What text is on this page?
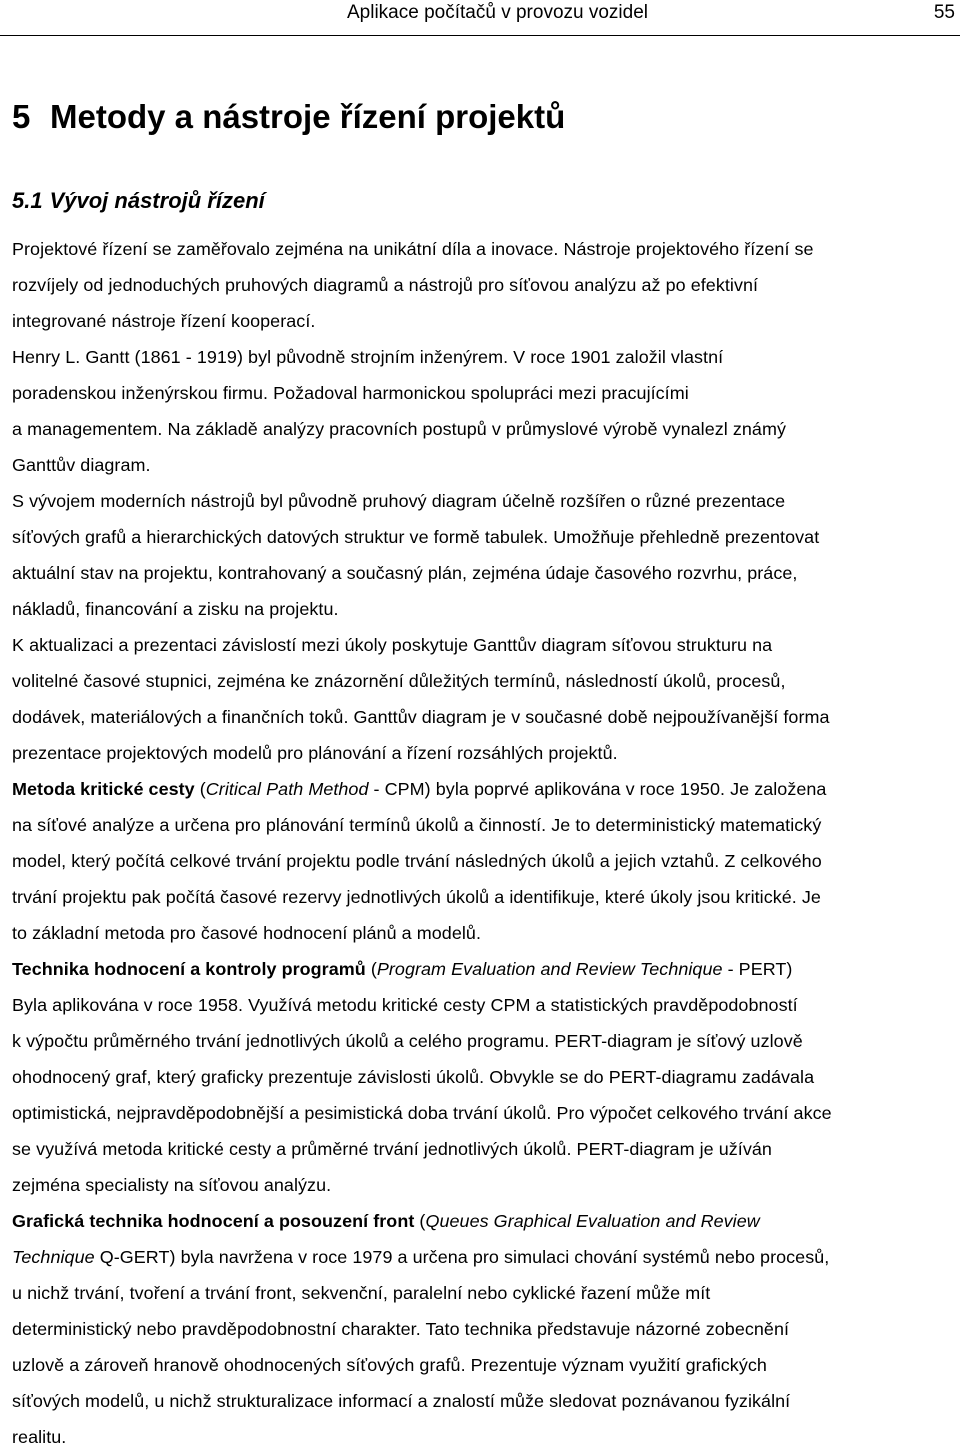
Aplikace počítačů v provozu vozidel	55
5 Metody a nástroje řízení projektů
5.1 Vývoj nástrojů řízení

Projektové řízení se zaměřovalo zejména na unikátní díla a inovace. Nástroje projektového řízení se

rozvíjely od jednoduchých pruhových diagramů a nástrojů pro síťovou analýzu až po efektivní

integrované nástroje řízení kooperací.

Henry L. Gantt (1861 - 1919) byl původně strojním inženýrem. V roce 1901 založil vlastní

poradenskou inženýrskou firmu. Požadoval harmonickou spolupráci mezi pracujícími

a managementem. Na základě analýzy pracovních postupů v průmyslové výrobě vynalezl známý

Ganttův diagram.

S vývojem moderních nástrojů byl původně pruhový diagram účelně rozšířen o různé prezentace

síťových grafů a hierarchických datových struktur ve formě tabulek. Umožňuje přehledně prezentovat

aktuální stav na projektu, kontrahovaný a současný plán, zejména údaje časového rozvrhu, práce,

nákladů, financování a zisku na projektu.

K aktualizaci a prezentaci závislostí mezi úkoly poskytuje Ganttův diagram síťovou strukturu na

volitelné časové stupnici, zejména ke znázornění důležitých termínů, následností úkolů, procesů,

dodávek, materiálových a finančních toků. Ganttův diagram je v současné době nejpoužívanější forma

prezentace projektových modelů pro plánování a řízení rozsáhlých projektů.

Metoda kritické cesty (Critical Path Method - CPM) byla poprvé aplikována v roce 1950. Je založena

na síťové analýze a určena pro plánování termínů úkolů a činností. Je to deterministický matematický

model, který počítá celkové trvání projektu podle trvání následných úkolů a jejich vztahů. Z celkového

trvání projektu pak počítá časové rezervy jednotlivých úkolů a identifikuje, které úkoly jsou kritické. Je

to základní metoda pro časové hodnocení plánů a modelů.

Technika hodnocení a kontroly programů (Program Evaluation and Review Technique - PERT)

Byla aplikována v roce 1958. Využívá metodu kritické cesty CPM a statistických pravděpodobností

k výpočtu průměrného trvání jednotlivých úkolů a celého programu. PERT-diagram je síťový uzlově

ohodnocený graf, který graficky prezentuje závislosti úkolů. Obvykle se do PERT-diagramu zadávala

optimistická, nejpravděpodobnější a pesimistická doba trvání úkolů. Pro výpočet celkového trvání akce

se využívá metoda kritické cesty a průměrné trvání jednotlivých úkolů. PERT-diagram je užíván

zejména specialisty na síťovou analýzu.

Grafická technika hodnocení a posouzení front (Queues Graphical Evaluation and Review

Technique Q-GERT) byla navržena v roce 1979 a určena pro simulaci chování systémů nebo procesů,

u nichž trvání, tvoření a trvání front, sekvenční, paralelní nebo cyklické řazení může mít

deterministický nebo pravděpodobnostní charakter. Tato technika představuje názorné zobecnění

uzlově a zároveň hranově ohodnocených síťových grafů. Prezentuje význam využití grafických

síťových modelů, u nichž strukturalizace informací a znalostí může sledovat poznávanou fyzikální

realitu.
